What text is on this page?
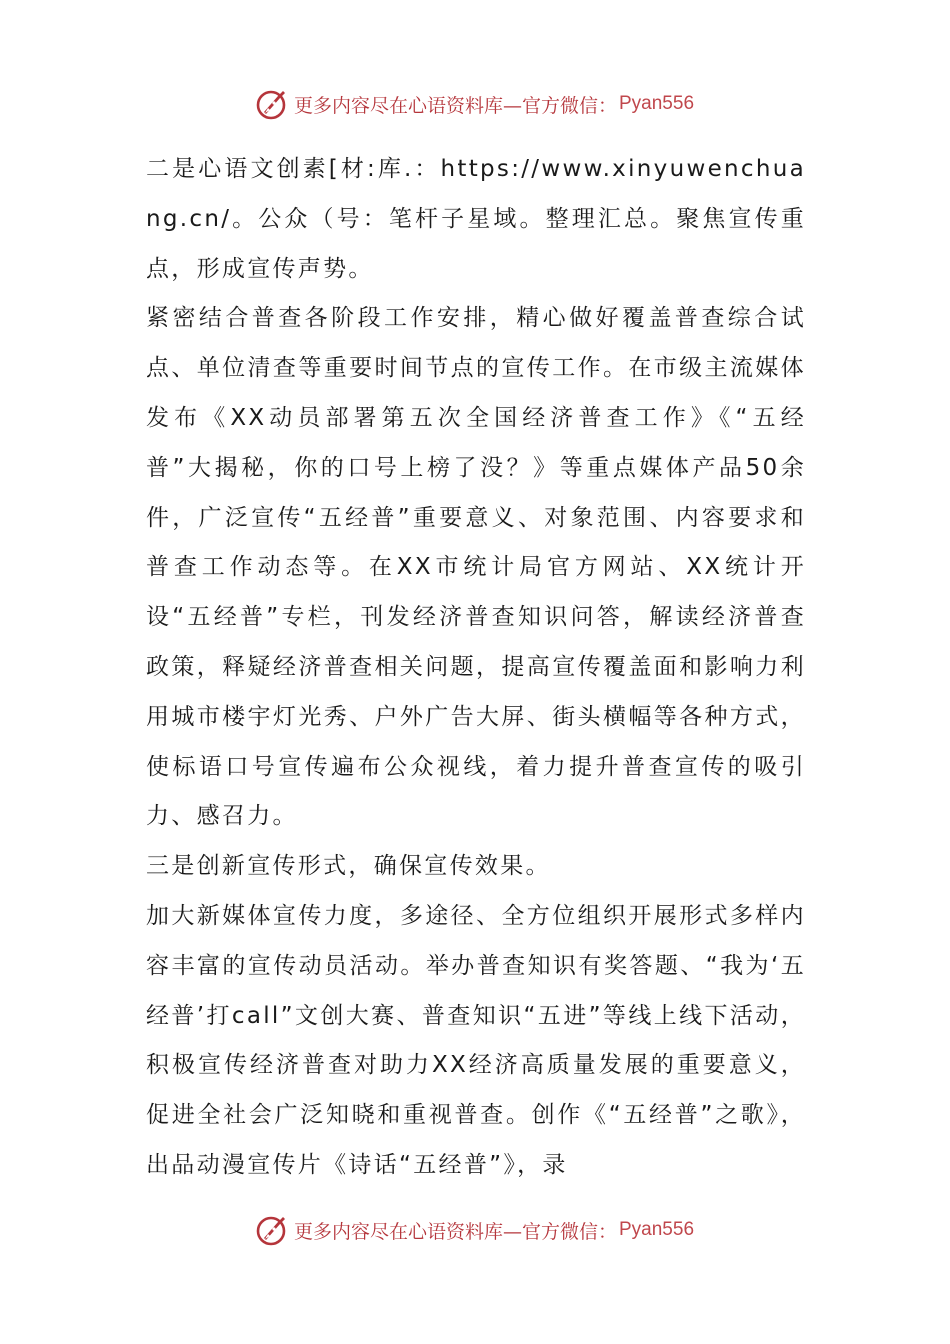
更多内容尽在心语资料库—官方微信： Pyan556

二是心语文创素[材:库.：https://www.xinyuwenchuang.cn/。公众（号：笔杆子星域。整理汇总。聚焦宣传重点，形成宣传声势。

紧密结合普查各阶段工作安排，精心做好覆盖普查综合试点、单位清查等重要时间节点的宣传工作。在市级主流媒体发布《XX动员部署第五次全国经济普查工作》《“五经普”大揭秘，你的口号上榜了没？》等重点媒体产品50余件，广泛宣传“五经普”重要意义、对象范围、内容要求和普查工作动态等。在XX市统计局官方网站、XX统计开设“五经普”专栏，刊发经济普查知识问答，解读经济普查政策，释疑经济普查相关问题，提高宣传覆盖面和影响力利用城市楼宇灯光秀、户外广告大屏、街头横幅等各种方式，使标语口号宣传遍布公众视线，着力提升普查宣传的吸引力、感召力。

三是创新宣传形式，确保宣传效果。

加大新媒体宣传力度，多途径、全方位组织开展形式多样内容丰富的宣传动员活动。举办普查知识有奖答题、“我为‘五经普’打call”文创大赛、普查知识“五进”等线上线下活动，积极宣传经济普查对助力XX经济高质量发展的重要意义，促进全社会广泛知晓和重视普查。创作《“五经普”之歌》，出品动漫宣传片《诗话“五经普”》，录

更多内容尽在心语资料库—官方微信： Pyan556
